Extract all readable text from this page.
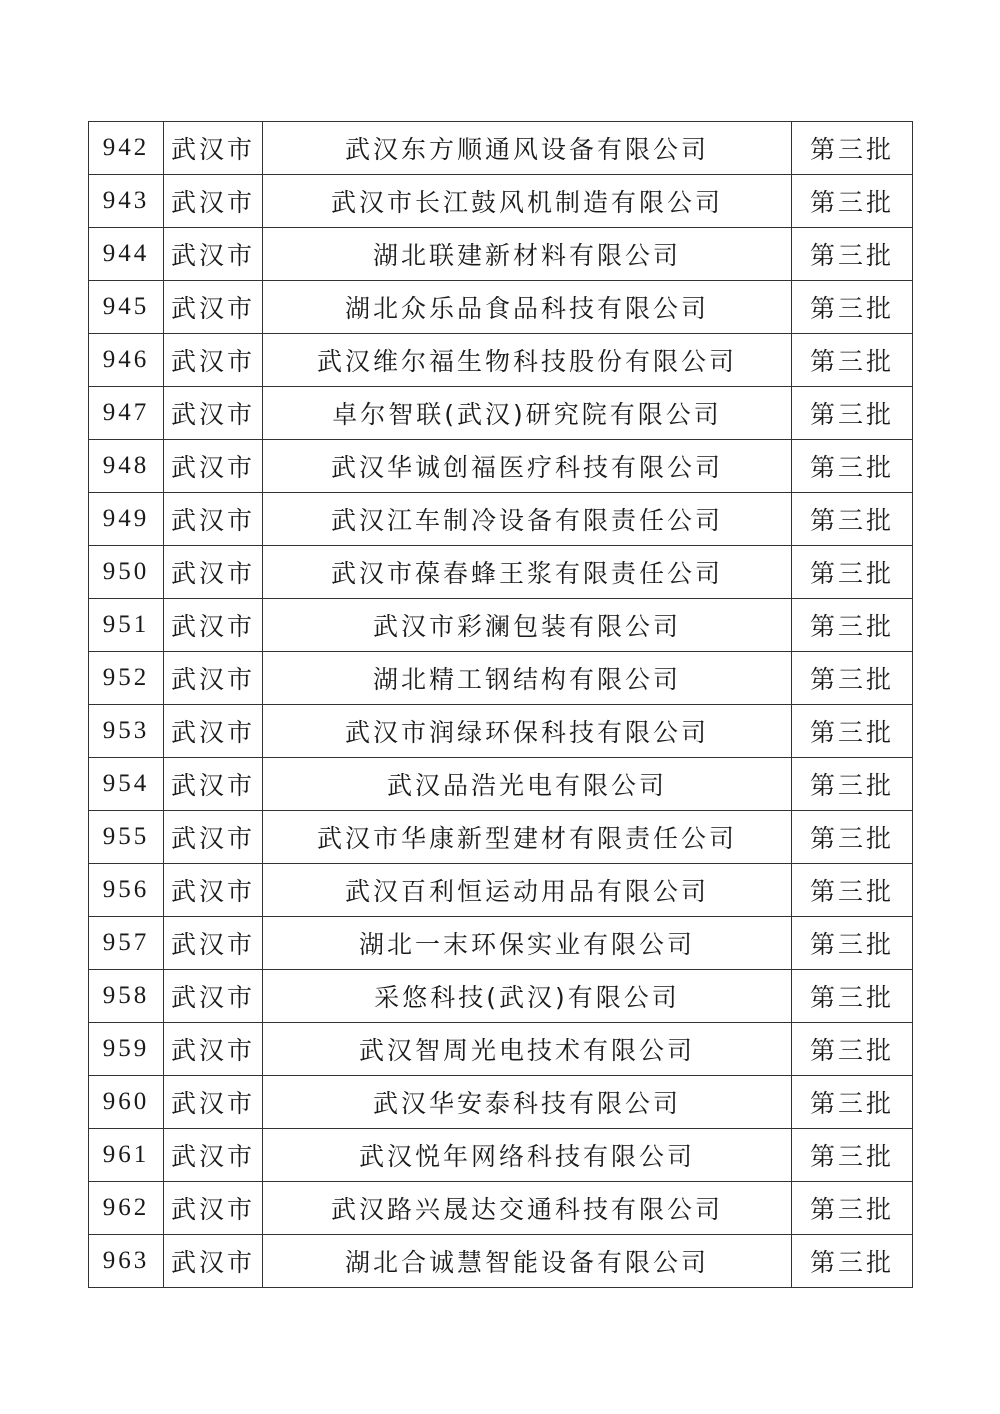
942	武汉市	武汉东方顺通风设备有限公司	第三批
943	武汉市	武汉市长江鼓风机制造有限公司	第三批
944	武汉市	湖北联建新材料有限公司	第三批
945	武汉市	湖北众乐品食品科技有限公司	第三批
946	武汉市	武汉维尔福生物科技股份有限公司	第三批
947	武汉市	卓尔智联(武汉)研究院有限公司	第三批
948	武汉市	武汉华诚创福医疗科技有限公司	第三批
949	武汉市	武汉江车制冷设备有限责任公司	第三批
950	武汉市	武汉市葆春蜂王浆有限责任公司	第三批
951	武汉市	武汉市彩澜包装有限公司	第三批
952	武汉市	湖北精工钢结构有限公司	第三批
953	武汉市	武汉市润绿环保科技有限公司	第三批
954	武汉市	武汉品浩光电有限公司	第三批
955	武汉市	武汉市华康新型建材有限责任公司	第三批
956	武汉市	武汉百利恒运动用品有限公司	第三批
957	武汉市	湖北一末环保实业有限公司	第三批
958	武汉市	采悠科技(武汉)有限公司	第三批
959	武汉市	武汉智周光电技术有限公司	第三批
960	武汉市	武汉华安泰科技有限公司	第三批
961	武汉市	武汉悦年网络科技有限公司	第三批
962	武汉市	武汉路兴晟达交通科技有限公司	第三批
963	武汉市	湖北合诚慧智能设备有限公司	第三批
